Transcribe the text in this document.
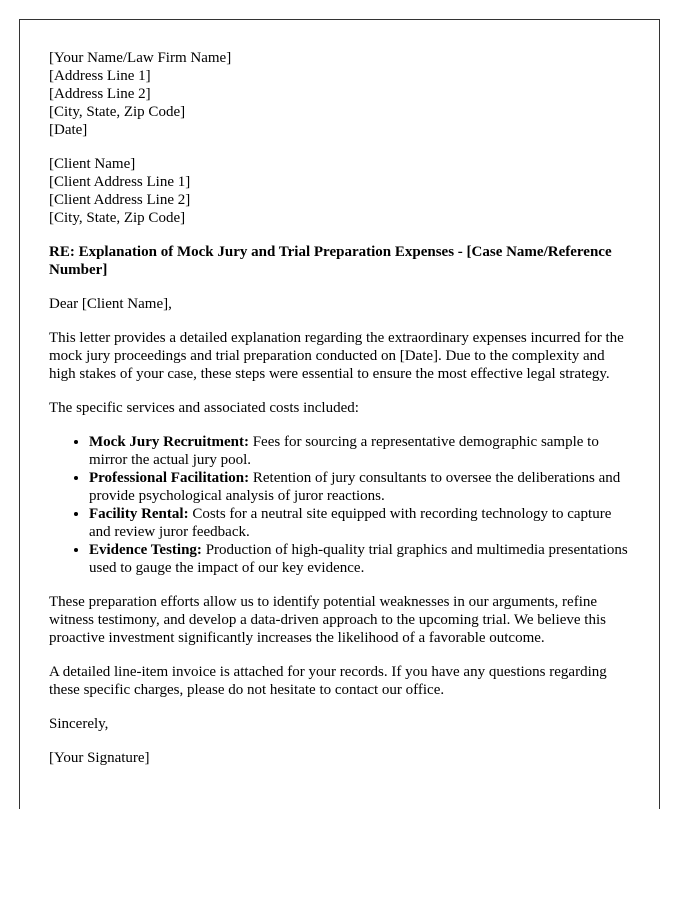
[Your Name/Law Firm Name]
[Address Line 1]
[Address Line 2]
[City, State, Zip Code]
[Date]
[Client Name]
[Client Address Line 1]
[Client Address Line 2]
[City, State, Zip Code]
RE: Explanation of Mock Jury and Trial Preparation Expenses - [Case Name/Reference Number]

Dear [Client Name],

This letter provides a detailed explanation regarding the extraordinary expenses incurred for the mock jury proceedings and trial preparation conducted on [Date]. Due to the complexity and high stakes of your case, these steps were essential to ensure the most effective legal strategy.

The specific services and associated costs included:

• Mock Jury Recruitment: Fees for sourcing a representative demographic sample to mirror the actual jury pool.
• Professional Facilitation: Retention of jury consultants to oversee the deliberations and provide psychological analysis of juror reactions.
• Facility Rental: Costs for a neutral site equipped with recording technology to capture and review juror feedback.
• Evidence Testing: Production of high-quality trial graphics and multimedia presentations used to gauge the impact of our key evidence.

These preparation efforts allow us to identify potential weaknesses in our arguments, refine witness testimony, and develop a data-driven approach to the upcoming trial. We believe this proactive investment significantly increases the likelihood of a favorable outcome.

A detailed line-item invoice is attached for your records. If you have any questions regarding these specific charges, please do not hesitate to contact our office.

Sincerely,

[Your Signature]
